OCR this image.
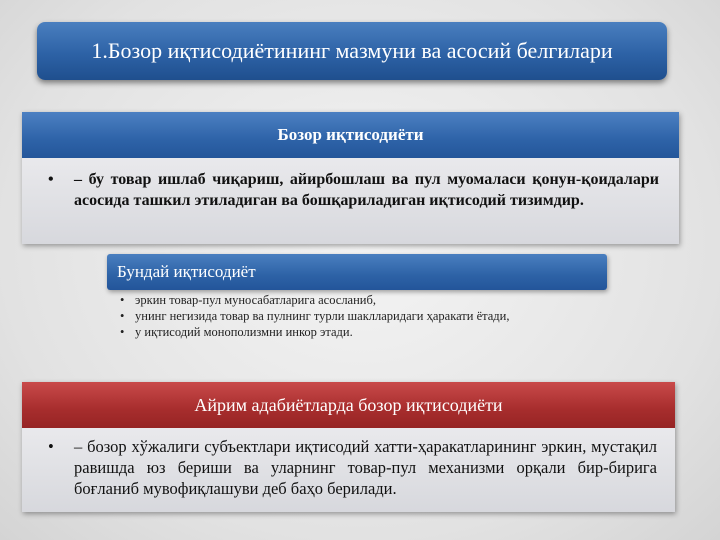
1.Бозор иқтисодиётининг мазмуни ва асосий белгилари
Бозор иқтисодиёти
•	– бу товар ишлаб чиқариш, айирбошлаш ва пул муомаласи қонун-қоидалари асосида ташкил этиладиган ва бошқариладиган иқтисодий тизимдир.
Бундай иқтисодиёт
• эркин товар-пул муносабатларига асосланиб,
• унинг негизида товар ва пулнинг турли шаклларидаги ҳаракати ётади,
• у иқтисодий монополизмни инкор этади.
Айрим адабиётларда бозор иқтисодиёти
•	– бозор хўжалиги субъектлари иқтисодий хатти-ҳаракатларининг эркин, мустақил равишда юз бериши ва уларнинг товар-пул механизми орқали бир-бирига боғланиб мувофиқлашуви деб баҳо берилади.
